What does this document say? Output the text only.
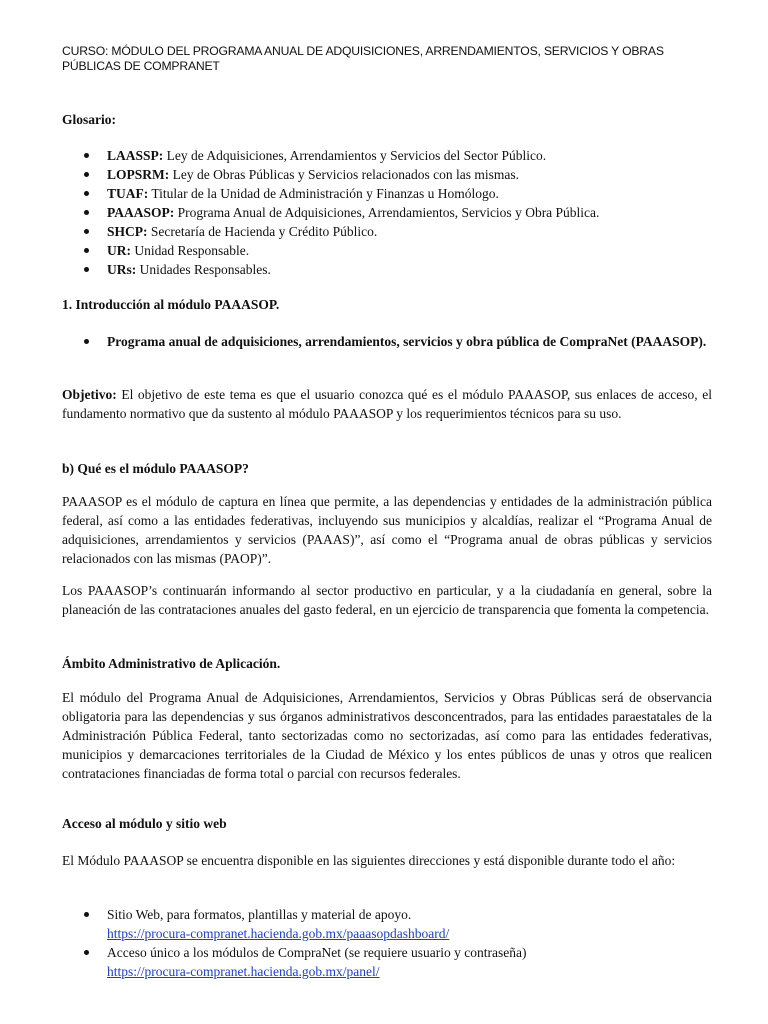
CURSO: MÓDULO DEL PROGRAMA ANUAL DE ADQUISICIONES, ARRENDAMIENTOS, SERVICIOS Y OBRAS PÚBLICAS DE COMPRANET
Glosario:
LAASSP: Ley de Adquisiciones, Arrendamientos y Servicios del Sector Público.
LOPSRM: Ley de Obras Públicas y Servicios relacionados con las mismas.
TUAF: Titular de la Unidad de Administración y Finanzas u Homólogo.
PAAASOP: Programa Anual de Adquisiciones, Arrendamientos, Servicios y Obra Pública.
SHCP: Secretaría de Hacienda y Crédito Público.
UR: Unidad Responsable.
URs: Unidades Responsables.
1. Introducción al módulo PAAASOP.
Programa anual de adquisiciones, arrendamientos, servicios y obra pública de CompraNet (PAAASOP).
Objetivo: El objetivo de este tema es que el usuario conozca qué es el módulo PAAASOP, sus enlaces de acceso, el fundamento normativo que da sustento al módulo PAAASOP y los requerimientos técnicos para su uso.
b) Qué es el módulo PAAASOP?
PAAASOP es el módulo de captura en línea que permite, a las dependencias y entidades de la administración pública federal, así como a las entidades federativas, incluyendo sus municipios y alcaldías, realizar el “Programa Anual de adquisiciones, arrendamientos y servicios (PAAAS)”, así como el “Programa anual de obras públicas y servicios relacionados con las mismas (PAOP)”.
Los PAAASOP’s continuarán informando al sector productivo en particular, y a la ciudadanía en general, sobre la planeación de las contrataciones anuales del gasto federal, en un ejercicio de transparencia que fomenta la competencia.
Ámbito Administrativo de Aplicación.
El módulo del Programa Anual de Adquisiciones, Arrendamientos, Servicios y Obras Públicas será de observancia obligatoria para las dependencias y sus órganos administrativos desconcentrados, para las entidades paraestatales de la Administración Pública Federal, tanto sectorizadas como no sectorizadas, así como para las entidades federativas, municipios y demarcaciones territoriales de la Ciudad de México y los entes públicos de unas y otros que realicen contrataciones financiadas de forma total o parcial con recursos federales.
Acceso al módulo y sitio web
El Módulo PAAASOP se encuentra disponible en las siguientes direcciones y está disponible durante todo el año:
Sitio Web, para formatos, plantillas y material de apoyo.
https://procura-compranet.hacienda.gob.mx/paaasopdashboard/
Acceso único a los módulos de CompraNet (se requiere usuario y contraseña)
https://procura-compranet.hacienda.gob.mx/panel/
